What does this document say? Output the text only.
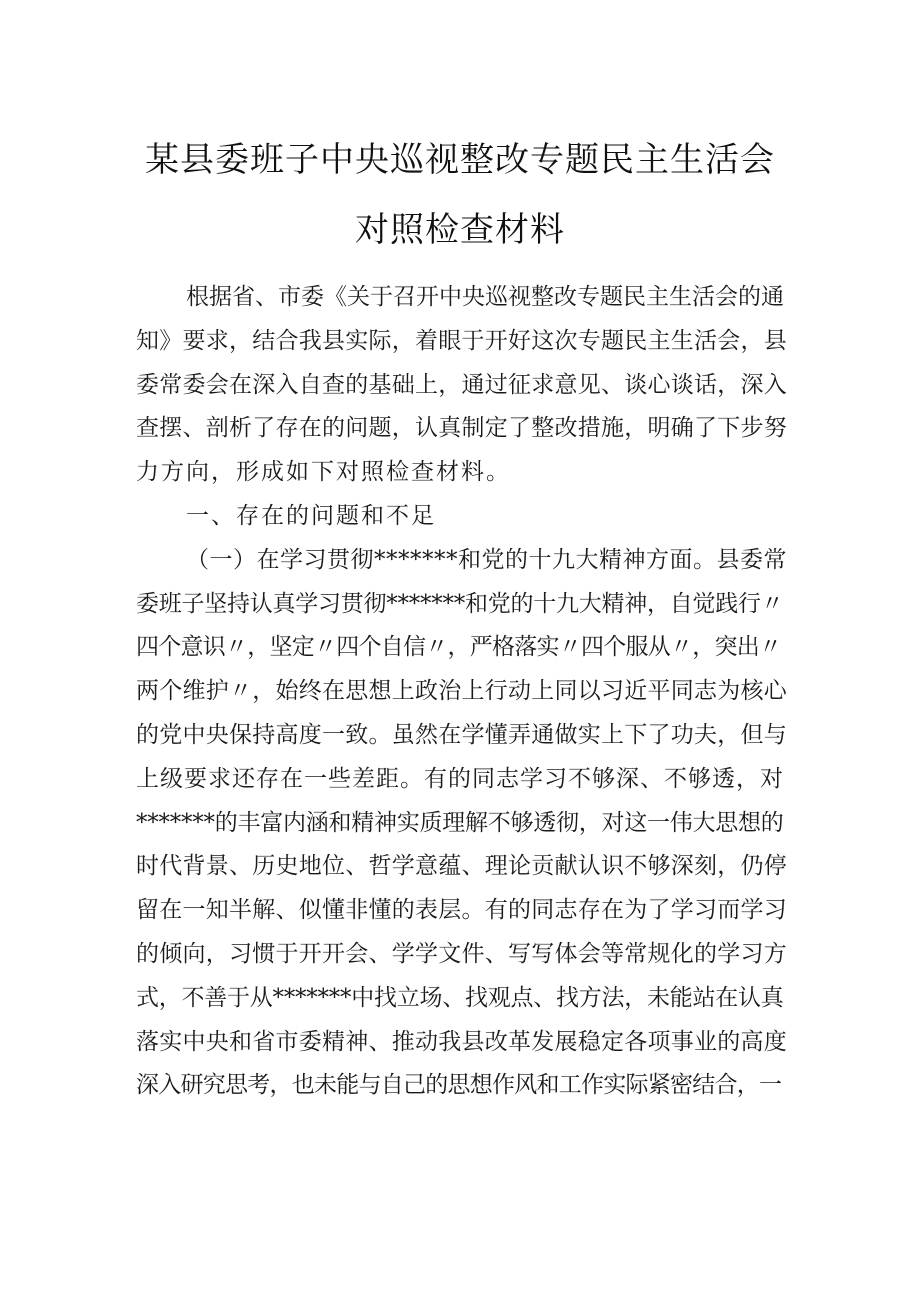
某县委班子中央巡视整改专题民主生活会
对照检查材料
根据省、市委《关于召开中央巡视整改专题民主生活会的通
知》要求，结合我县实际，着眼于开好这次专题民主生活会，县
委常委会在深入自查的基础上，通过征求意见、谈心谈话，深入
查摆、剖析了存在的问题，认真制定了整改措施，明确了下步努
力方向，形成如下对照检查材料。
一、存在的问题和不足
（一）在学习贯彻*******和党的十九大精神方面。县委常
委班子坚持认真学习贯彻*******和党的十九大精神，自觉践行〃
四个意识〃，坚定〃四个自信〃，严格落实〃四个服从〃，突出〃
两个维护〃，始终在思想上政治上行动上同以习近平同志为核心
的党中央保持高度一致。虽然在学懂弄通做实上下了功夫，但与
上级要求还存在一些差距。有的同志学习不够深、不够透，对
*******的丰富内涵和精神实质理解不够透彻，对这一伟大思想的
时代背景、历史地位、哲学意蕴、理论贡献认识不够深刻，仍停
留在一知半解、似懂非懂的表层。有的同志存在为了学习而学习
的倾向，习惯于开开会、学学文件、写写体会等常规化的学习方
式，不善于从*******中找立场、找观点、找方法，未能站在认真
落实中央和省市委精神、推动我县改革发展稳定各项事业的高度
深入研究思考，也未能与自己的思想作风和工作实际紧密结合，一
